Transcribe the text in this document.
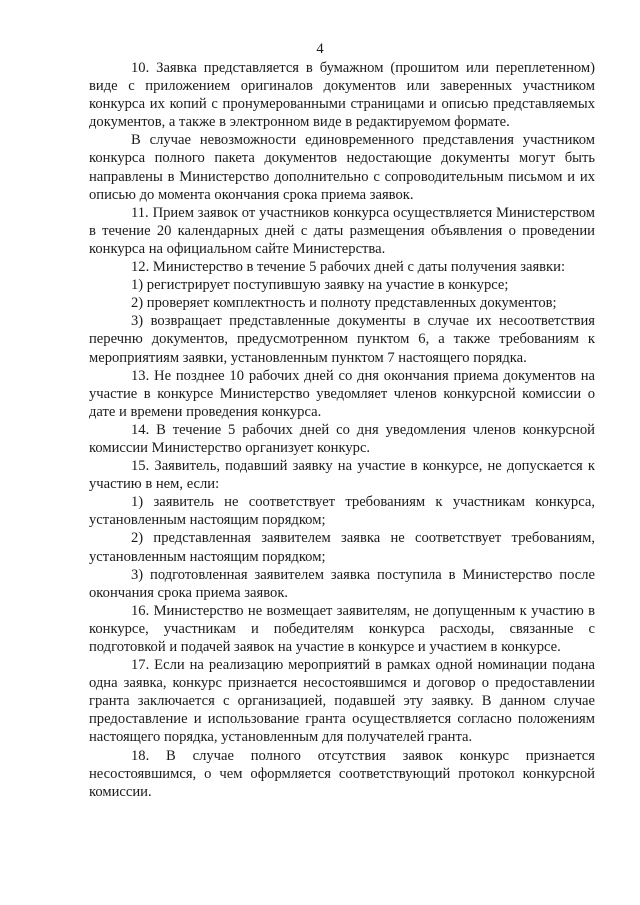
4

10. Заявка представляется в бумажном (прошитом или переплетенном) виде с приложением оригиналов документов или заверенных участником конкурса их копий с пронумерованными страницами и описью представляемых документов, а также в электронном виде в редактируемом формате.

В случае невозможности единовременного представления участником конкурса полного пакета документов недостающие документы могут быть направлены в Министерство дополнительно с сопроводительным письмом и их описью до момента окончания срока приема заявок.

11. Прием заявок от участников конкурса осуществляется Министерством в течение 20 календарных дней с даты размещения объявления о проведении конкурса на официальном сайте Министерства.

12. Министерство в течение 5 рабочих дней с даты получения заявки:

1) регистрирует поступившую заявку на участие в конкурсе;

2) проверяет комплектность и полноту представленных документов;

3) возвращает представленные документы в случае их несоответствия перечню документов, предусмотренном пунктом 6, а также требованиям к мероприятиям заявки, установленным пунктом 7 настоящего порядка.

13. Не позднее 10 рабочих дней со дня окончания приема документов на участие в конкурсе Министерство уведомляет членов конкурсной комиссии о дате и времени проведения конкурса.

14. В течение 5 рабочих дней со дня уведомления членов конкурсной комиссии Министерство организует конкурс.

15. Заявитель, подавший заявку на участие в конкурсе, не допускается к участию в нем, если:

1) заявитель не соответствует требованиям к участникам конкурса, установленным настоящим порядком;

2) представленная заявителем заявка не соответствует требованиям, установленным настоящим порядком;

3) подготовленная заявителем заявка поступила в Министерство после окончания срока приема заявок.

16. Министерство не возмещает заявителям, не допущенным к участию в конкурсе, участникам и победителям конкурса расходы, связанные с подготовкой и подачей заявок на участие в конкурсе и участием в конкурсе.

17. Если на реализацию мероприятий в рамках одной номинации подана одна заявка, конкурс признается несостоявшимся и договор о предоставлении гранта заключается с организацией, подавшей эту заявку. В данном случае предоставление и использование гранта осуществляется согласно положениям настоящего порядка, установленным для получателей гранта.

18. В случае полного отсутствия заявок конкурс признается несостоявшимся, о чем оформляется соответствующий протокол конкурсной комиссии.
